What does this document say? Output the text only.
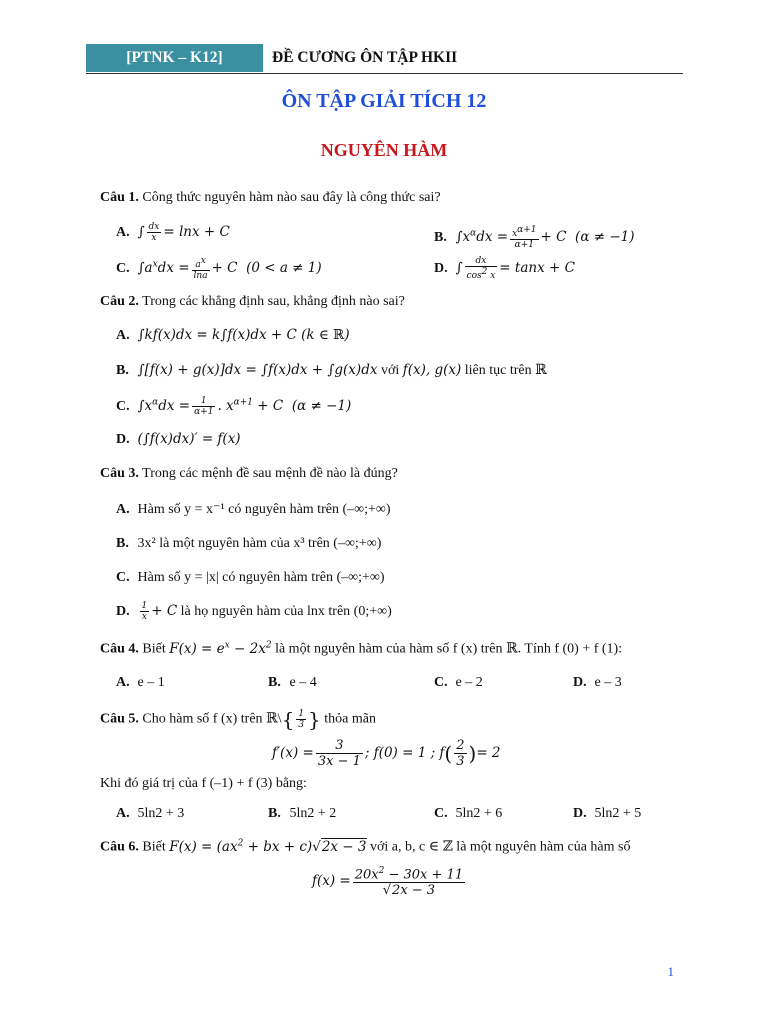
[PTNK – K12]	ĐỀ CƯƠNG ÔN TẬP HKII
ÔN TẬP GIẢI TÍCH 12
NGUYÊN HÀM
Câu 1. Công thức nguyên hàm nào sau đây là công thức sai?
A. ∫ $\frac{dx}{x} = \ln x + C$	B. $\int x^\alpha dx = \frac{x^{\alpha+1}}{\alpha+1} + C$  (α ≠ −1)
C. $\int a^xdx = \frac{a^x}{\ln a} + C$  (0 < a ≠ 1)	D. ∫ $\frac{dx}{\cos^2 x} = \tan x + C$
Câu 2. Trong các khẳng định sau, khẳng định nào sai?
A. ∫kf(x)dx = k∫f(x)dx + C (k ∈ ℝ)
B. ∫[f(x) + g(x)]dx = ∫f(x)dx + ∫g(x)dx với f(x), g(x) liên tục trên ℝ
C. $\int x^\alpha dx = \frac{1}{\alpha+1}$ . $x^{\alpha+1} + C$  (α ≠ −1)
D. (∫f(x)dx)′ = f(x)
Câu 3. Trong các mệnh đề sau mệnh đề nào là đúng?
A. Hàm số y = x⁻¹ có nguyên hàm trên (–∞;+∞)
B. 3x² là một nguyên hàm của x³ trên (–∞;+∞)
C. Hàm số y = |x| có nguyên hàm trên (–∞;+∞)
D. $\frac{1}{x} + C$ là họ nguyên hàm của lnx trên (0;+∞)
Câu 4. Biết $F(x) = e^x - 2x^2$ là một nguyên hàm của hàm số f (x) trên ℝ. Tính f (0) + f (1):
A. e – 1	B. e – 4	C. e – 2	D. e – 3
Câu 5. Cho hàm số f (x) trên ℝ\{ $\frac{1}{3}$ } thỏa mãn
$f'(x) = \frac{3}{3x - 1}$ ; f(0) = 1 ; $f( \frac{2}{3}$ )= 2
Khi đó giá trị của f (–1) + f (3) bằng:
A. 5ln2 + 3	B. 5ln2 + 2	C. 5ln2 + 6	D. 5ln2 + 5
Câu 6. Biết $F(x) = (ax^2$ + bx + c)√2x − 3 với a, b, c ∈ ℤ là một nguyên hàm của hàm số
$f(x) = \frac{20x^2 - 30x + 11}{√2x - 3}$
1
